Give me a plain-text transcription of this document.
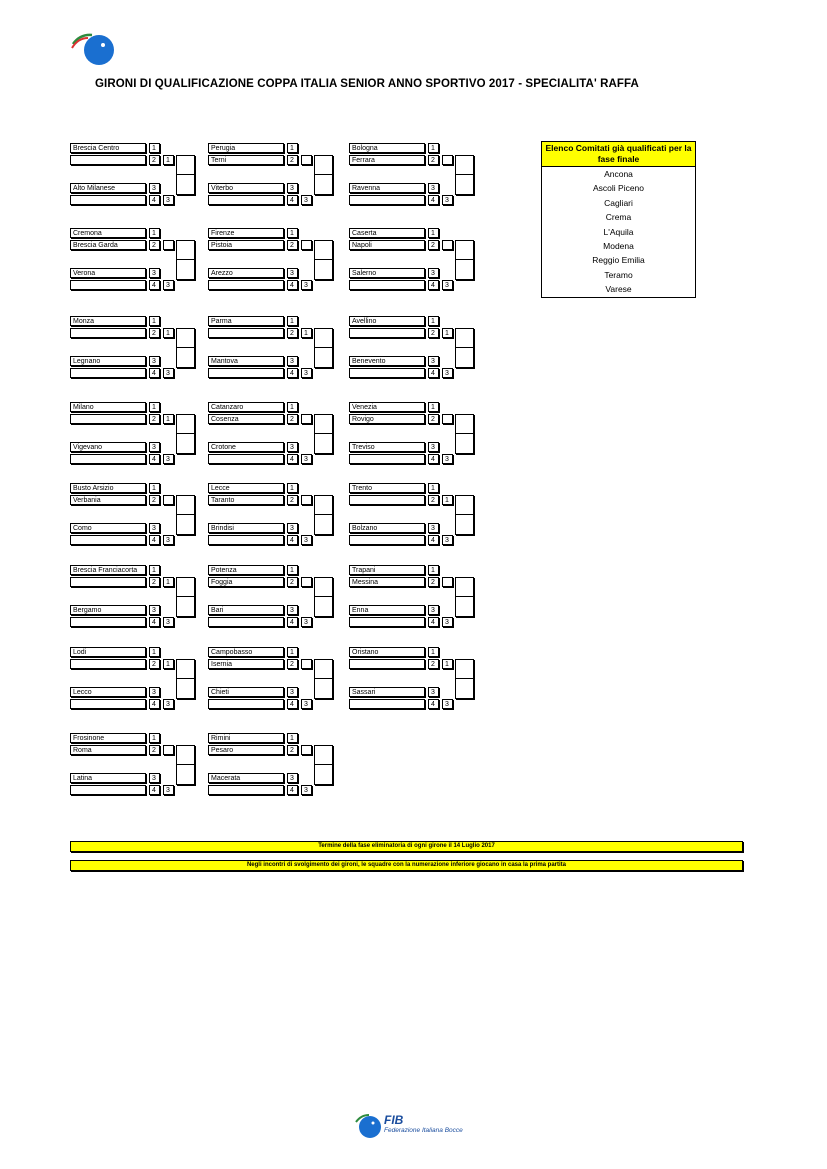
GIRONI DI QUALIFICAZIONE COPPA ITALIA SENIOR ANNO SPORTIVO 2017 - SPECIALITA' RAFFA
Brescia Centro	1
2
Alto Milanese	3
4
1
3
Perugia	1
Terni	2
Viterbo	3
4	3
Bologna	1
Ferrara	2
Ravenna	3
4	3
Cremona	1
Brescia Garda	2
Verona	3
4	3
Firenze	1
Pistoia	2
Arezzo	3
4	3
Caserta	1
Napoli	2
Salerno	3
4	3
Monza	1
2
Legnano	3
4
1
3
Parma	1
2
Mantova	3
4
1
3
Avellino	1
2
Benevento	3
4
1
3
Milano	1
2
Vigevano	3
4
1
3
Catanzaro	1
Cosenza	2
Crotone	3
4	3
Venezia	1
Rovigo	2
Treviso	3
4	3
Busto Arsizio	1
Verbania	2
Como	3
4	3
Lecce	1
Taranto	2
Brindisi	3
4	3
Trento	1
2
Bolzano	3
4
1
3
Brescia Franciacorta	1
2
Bergamo	3
4
1
3
Potenza	1
Foggia	2
Bari	3
4	3
Trapani	1
Messina	2
Enna	3
4	3
Lodi	1
2
Lecco	3
4
1
3
Campobasso	1
Isernia	2
Chieti	3
4	3
Oristano	1
2
Sassari	3
4
1
3
Frosinone	1
Roma	2
Latina	3
4	3
Rimini	1
Pesaro	2
Macerata	3
4	3
Elenco Comitati già qualificati per la fase finale
Ancona
Ascoli Piceno
Cagliari
Crema
L'Aquila
Modena
Reggio Emilia
Teramo
Varese
Termine della fase eliminatoria di ogni girone il 14 Luglio 2017
Negli incontri di svolgimento dei gironi, le squadre con la numerazione inferiore giocano in casa la prima partita
FIB
Federazione Italiana Bocce
